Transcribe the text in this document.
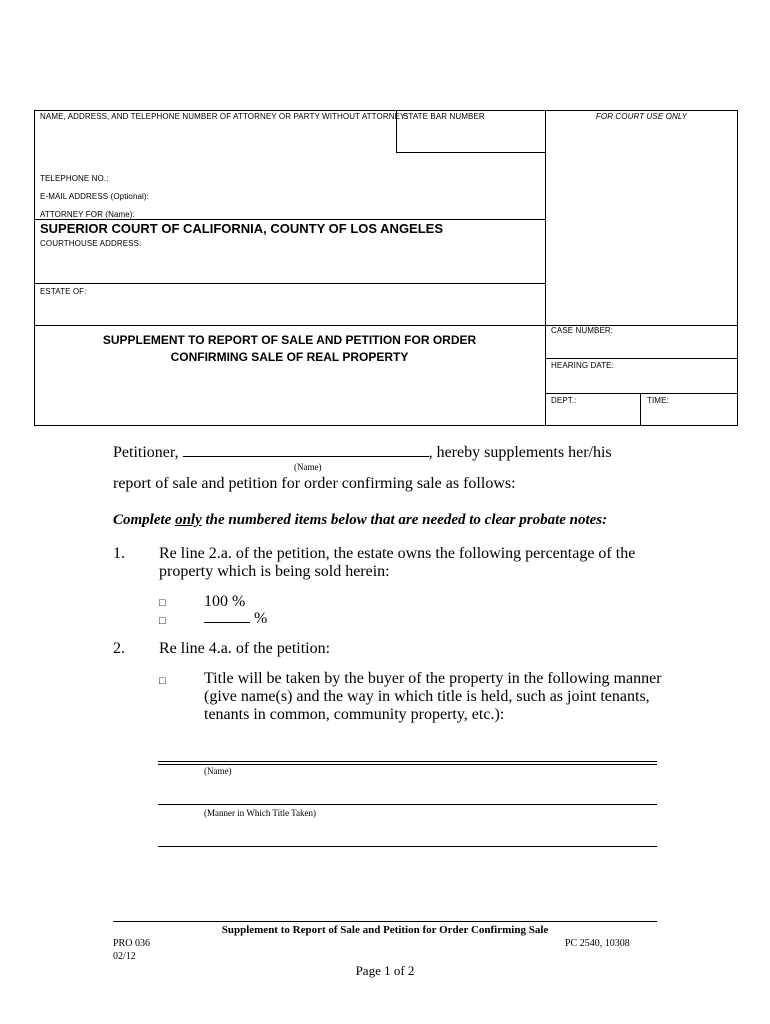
NAME, ADDRESS, AND TELEPHONE NUMBER OF ATTORNEY OR PARTY WITHOUT ATTORNEY:
STATE BAR NUMBER	FOR COURT USE ONLY
TELEPHONE NO.:
E-MAIL ADDRESS (Optional):
ATTORNEY FOR (Name):
SUPERIOR COURT OF CALIFORNIA, COUNTY OF LOS ANGELES
COURTHOUSE ADDRESS:
ESTATE OF:
SUPPLEMENT TO REPORT OF SALE AND PETITION FOR ORDER
CONFIRMING SALE OF REAL PROPERTY
CASE NUMBER:
HEARING DATE:
DEPT.:	TIME:
Petitioner,	, hereby supplements her/his
(Name)
report of sale and petition for order confirming sale as follows:
Complete only the numbered items below that are needed to clear probate notes:
1. Re line 2.a. of the petition, the estate owns the following percentage of the
property which is being sold herein:
□ 100 %
□	%
2. Re line 4.a. of the petition:
□ Title will be taken by the buyer of the property in the following manner
(give name(s) and the way in which title is held, such as joint tenants,
tenants in common, community property, etc.):
(Name)
(Manner in Which Title Taken)
Supplement to Report of Sale and Petition for Order Confirming Sale
PRO 036	PC 2540, 10308
02/12
Page 1 of 2
